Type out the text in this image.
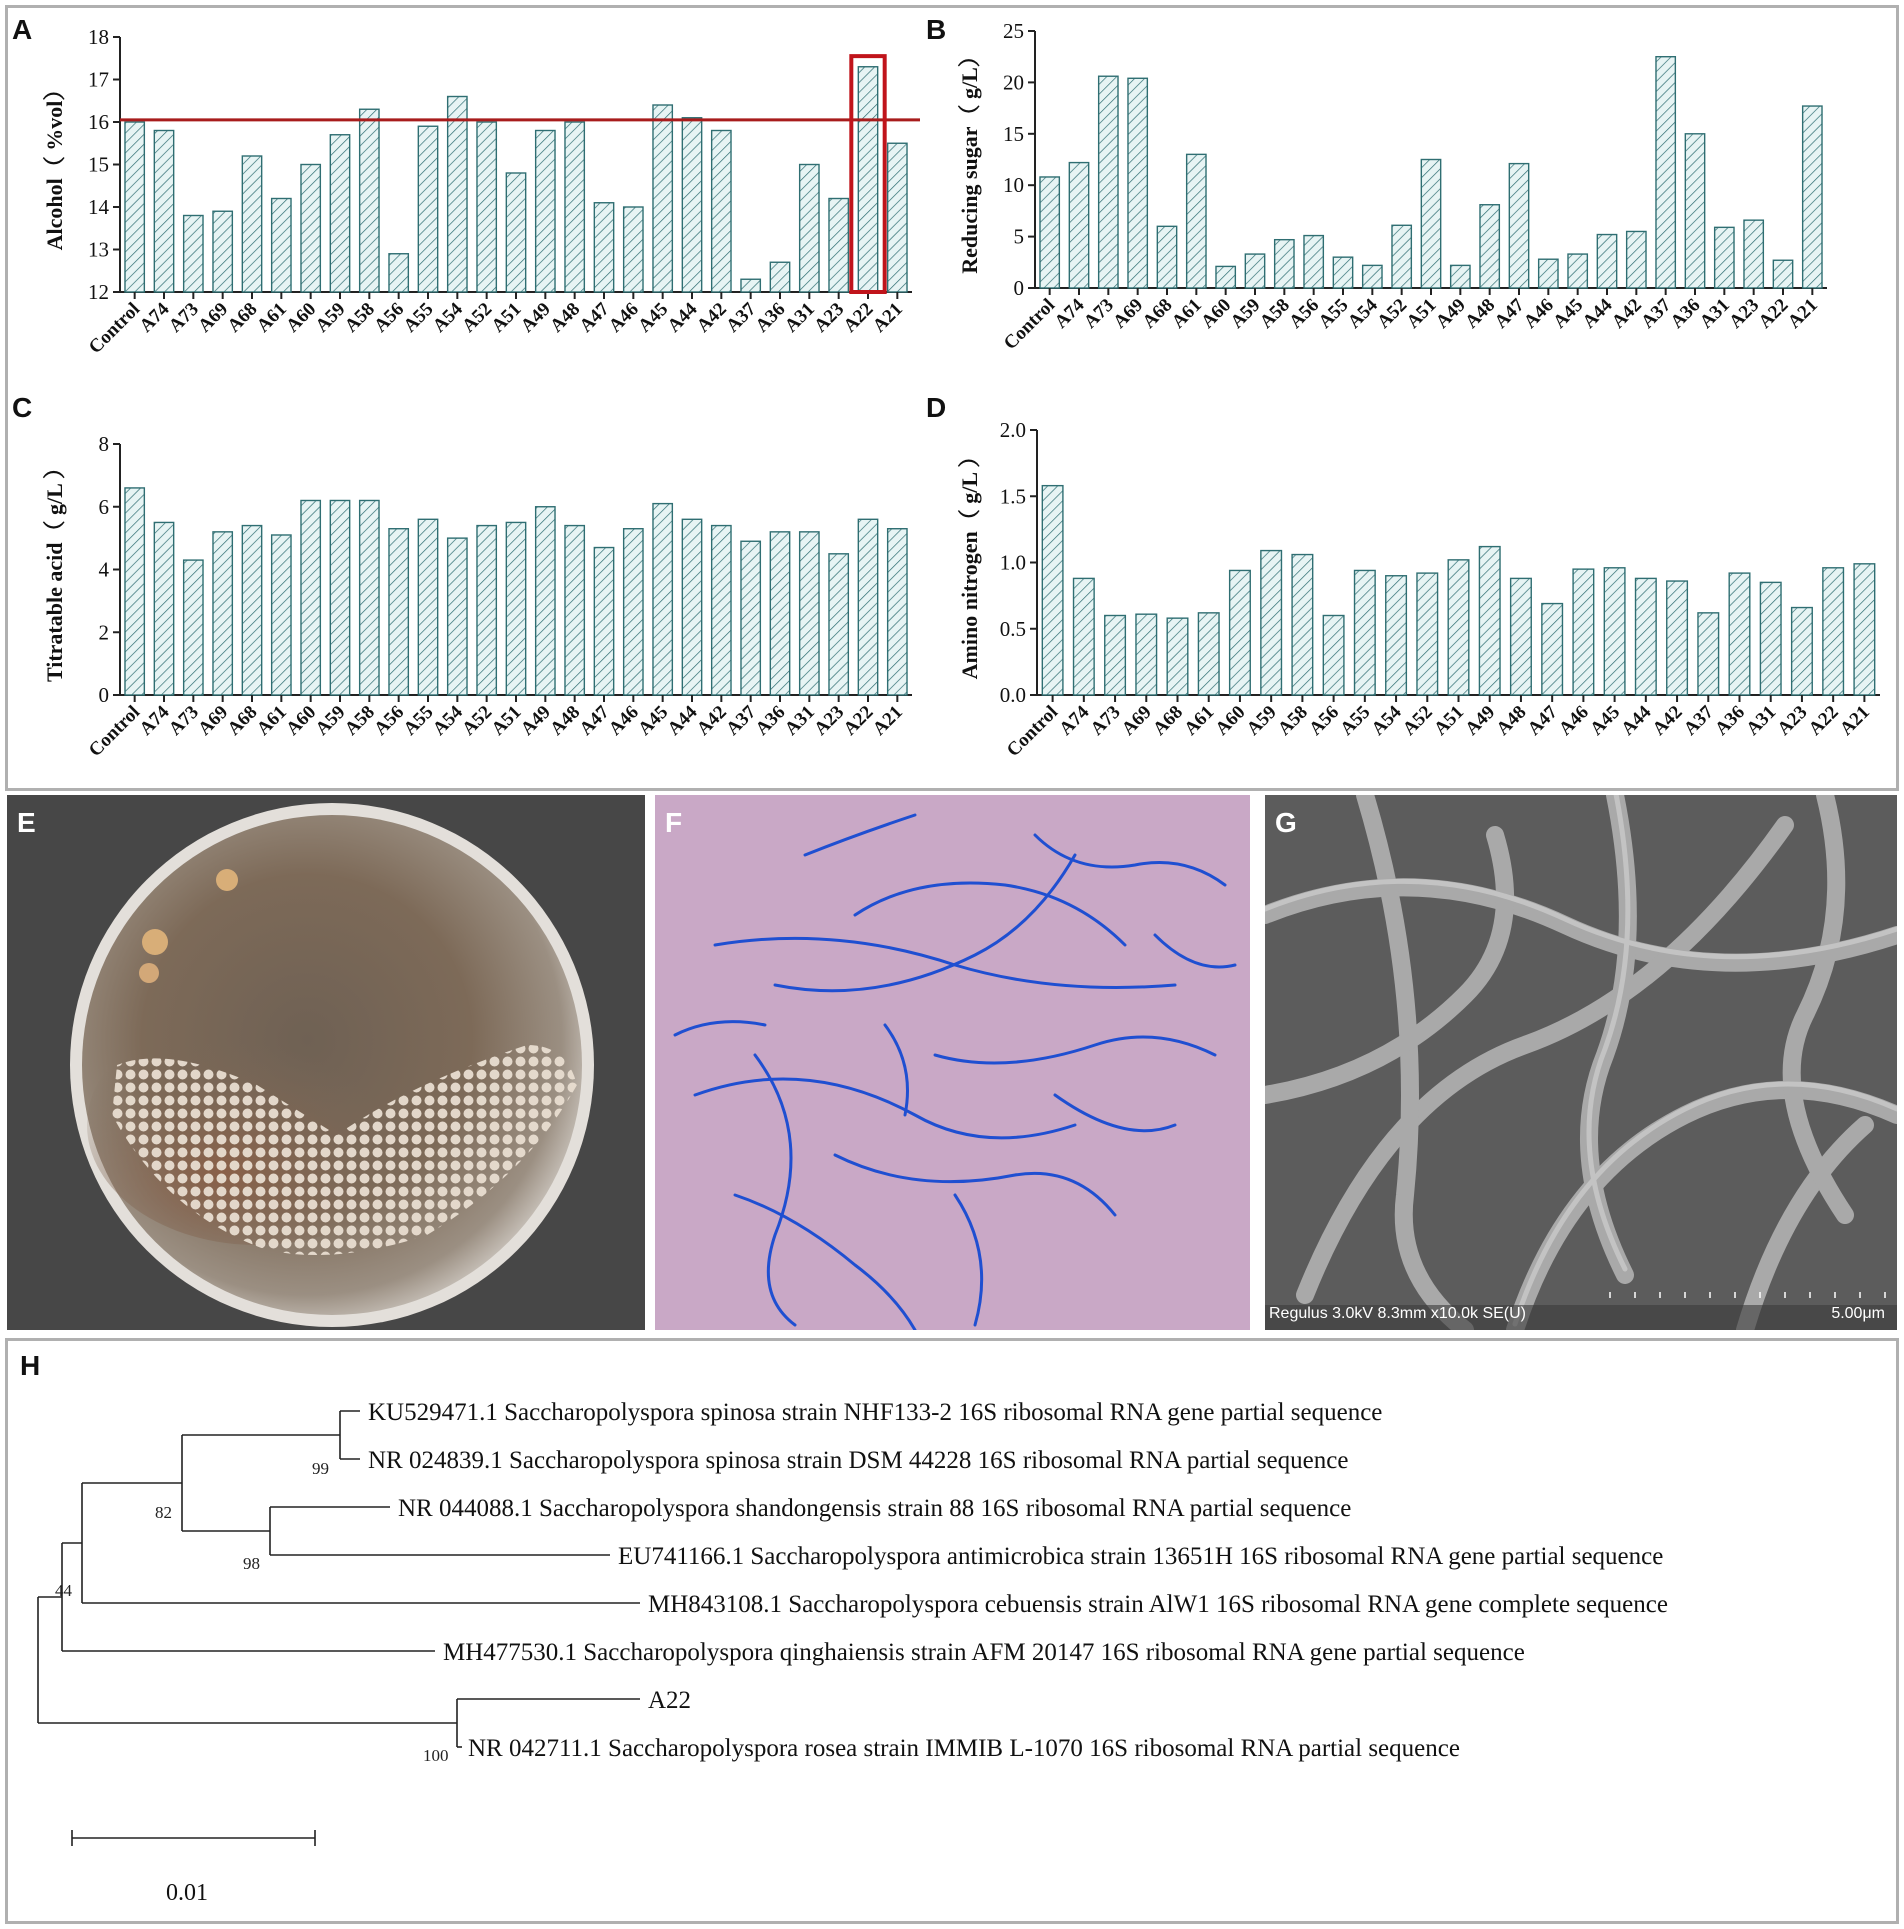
A	B
C	D
12
13
14
15
16
17
18
Alcohol（ %vol）
Control
A74
A73
A69
A68
A61
A60
A59
A58
A56
A55
A54
A52
A51
A49
A48
A47
A46
A45
A44
A42
A37
A36
A31
A23
A22
A21
0
5
10
15
20
25
Reducing sugar（ g/L）
Control
A74
A73
A69
A68
A61
A60
A59
A58
A56
A55
A54
A52
A51
A49
A48
A47
A46
A45
A44
A42
A37
A36
A31
A23
A22
A21
0
2
4
6
8
Titratable acid（ g/L ）
Control
A74
A73
A69
A68
A61
A60
A59
A58
A56
A55
A54
A52
A51
A49
A48
A47
A46
A45
A44
A42
A37
A36
A31
A23
A22
A21
0.0
0.5
1.0
1.5
2.0
Amino nitrogen（ g/L ）
Control
A74
A73
A69
A68
A61
A60
A59
A58
A56
A55
A54
A52
A51
A49
A48
A47
A46
A45
A44
A42
A37
A36
A31
A23
A22
A21
E	F	G
Regulus 3.0kV 8.3mm x10.0k SE(U)	5.00μm
H
KU529471.1 Saccharopolyspora spinosa strain NHF133-2 16S ribosomal RNA gene partial sequence
NR 024839.1 Saccharopolyspora spinosa strain DSM 44228 16S ribosomal RNA partial sequence
NR 044088.1 Saccharopolyspora shandongensis strain 88 16S ribosomal RNA partial sequence
EU741166.1 Saccharopolyspora antimicrobica strain 13651H 16S ribosomal RNA gene partial sequence
MH843108.1 Saccharopolyspora cebuensis strain AlW1 16S ribosomal RNA gene complete sequence
MH477530.1 Saccharopolyspora qinghaiensis strain AFM 20147 16S ribosomal RNA gene partial sequence
A22
NR 042711.1 Saccharopolyspora rosea strain IMMIB L-1070 16S ribosomal RNA partial sequence
99
82
98
44
100
0.01
